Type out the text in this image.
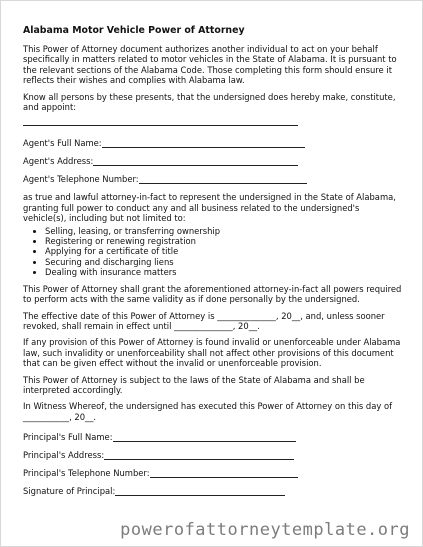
Alabama Motor Vehicle Power of Attorney

This Power of Attorney document authorizes another individual to act on your behalf specifically in matters related to motor vehicles in the State of Alabama. It is pursuant to the relevant sections of the Alabama Code. Those completing this form should ensure it reflects their wishes and complies with Alabama law.

Know all persons by these presents, that the undersigned does hereby make, constitute, and appoint:

Agent's Full Name:
Agent's Address:
Agent's Telephone Number:

as true and lawful attorney-in-fact to represent the undersigned in the State of Alabama, granting full power to conduct any and all business related to the undersigned's vehicle(s), including but not limited to:

• Selling, leasing, or transferring ownership
• Registering or renewing registration
• Applying for a certificate of title
• Securing and discharging liens
• Dealing with insurance matters

This Power of Attorney shall grant the aforementioned attorney-in-fact all powers required to perform acts with the same validity as if done personally by the undersigned.

The effective date of this Power of Attorney is ______________, 20__, and, unless sooner revoked, shall remain in effect until ______________, 20__.

If any provision of this Power of Attorney is found invalid or unenforceable under Alabama law, such invalidity or unenforceability shall not affect other provisions of this document that can be given effect without the invalid or unenforceable provision.

This Power of Attorney is subject to the laws of the State of Alabama and shall be interpreted accordingly.

In Witness Whereof, the undersigned has executed this Power of Attorney on this day of ___________, 20__.

Principal's Full Name:
Principal's Address:
Principal's Telephone Number:
Signature of Principal:
powerofattorneytemplate.org
